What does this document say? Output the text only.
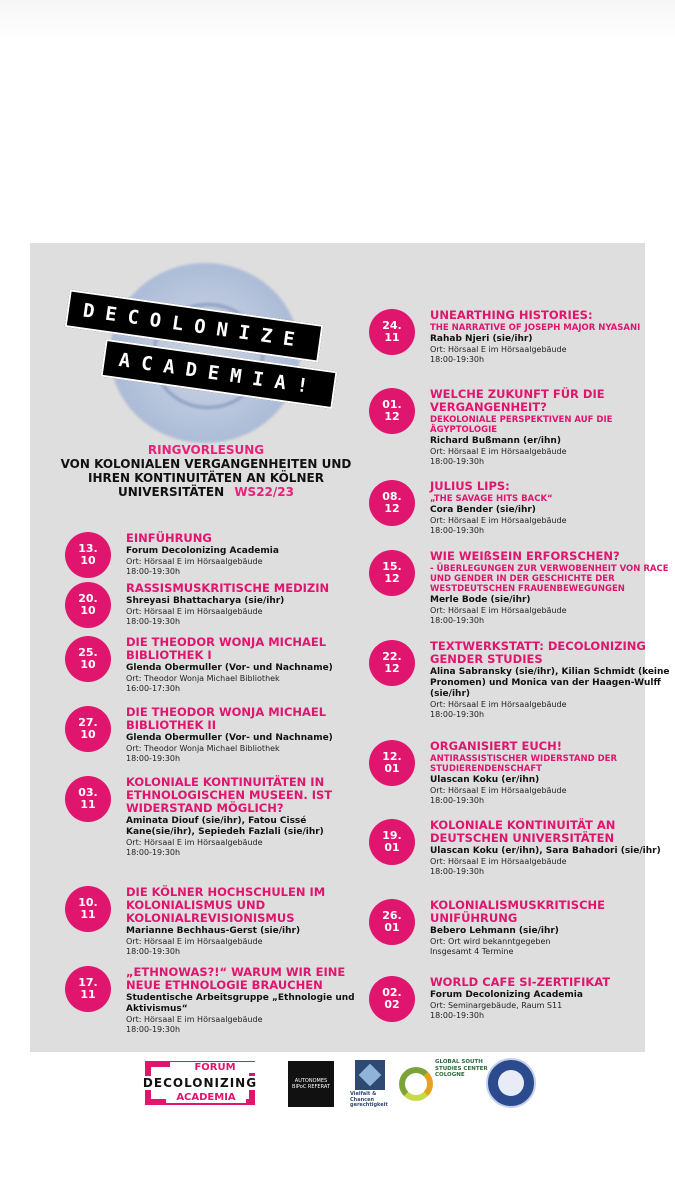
DECOLONIZE
ACADEMIA!
RINGVORLESUNG
VON KOLONIALEN VERGANGENHEITEN UND IHREN KONTINUITÄTEN AN KÖLNER UNIVERSITÄTEN WS22/23
13.
10
EINFÜHRUNG
Forum Decolonizing Academia
Ort: Hörsaal E im Hörsaalgebäude
18:00-19:30h
20.
10
RASSISMUSKRITISCHE MEDIZIN
Shreyasi Bhattacharya (sie/ihr)
Ort: Hörsaal E im Hörsaalgebäude
18:00-19:30h
25.
10
DIE THEODOR WONJA MICHAEL BIBLIOTHEK I
Glenda Obermuller (Vor- und Nachname)
Ort: Theodor Wonja Michael Bibliothek
16:00-17:30h
27.
10
DIE THEODOR WONJA MICHAEL BIBLIOTHEK II
Glenda Obermuller (Vor- und Nachname)
Ort: Theodor Wonja Michael Bibliothek
18:00-19:30h
03.
11
KOLONIALE KONTINUITÄTEN IN ETHNOLOGISCHEN MUSEEN. IST WIDERSTAND MÖGLICH?
Aminata Diouf (sie/ihr), Fatou Cissé Kane(sie/ihr), Sepiedeh Fazlali (sie/ihr)
Ort: Hörsaal E im Hörsaalgebäude
18:00-19:30h
10.
11
DIE KÖLNER HOCHSCHULEN IM KOLONIALISMUS UND KOLONIALREVISIONISMUS
Marianne Bechhaus-Gerst (sie/ihr)
Ort: Hörsaal E im Hörsaalgebäude
18:00-19:30h
17.
11
„ETHNOWAS?!“ WARUM WIR EINE NEUE ETHNOLOGIE BRAUCHEN
Studentische Arbeitsgruppe „Ethnologie und Aktivismus“
Ort: Hörsaal E im Hörsaalgebäude
18:00-19:30h
24.
11
UNEARTHING HISTORIES:
THE NARRATIVE OF JOSEPH MAJOR NYASANI
Rahab Njeri (sie/ihr)
Ort: Hörsaal E im Hörsaalgebäude
18:00-19:30h
01.
12
WELCHE ZUKUNFT FÜR DIE VERGANGENHEIT?
DEKOLONIALE PERSPEKTIVEN AUF DIE ÄGYPTOLOGIE
Richard Bußmann (er/ihn)
Ort: Hörsaal E im Hörsaalgebäude
18:00-19:30h
08.
12
JULIUS LIPS:
„THE SAVAGE HITS BACK“
Cora Bender (sie/ihr)
Ort: Hörsaal E im Hörsaalgebäude
18:00-19:30h
15.
12
WIE WEIßSEIN ERFORSCHEN?
- ÜBERLEGUNGEN ZUR VERWOBENHEIT VON RACE UND GENDER IN DER GESCHICHTE DER WESTDEUTSCHEN FRAUENBEWEGUNGEN
Merle Bode (sie/ihr)
Ort: Hörsaal E im Hörsaalgebäude
18:00-19:30h
22.
12
TEXTWERKSTATT: DECOLONIZING GENDER STUDIES
Alina Sabransky (sie/ihr), Kilian Schmidt (keine Pronomen) und Monica van der Haagen-Wulff (sie/ihr)
Ort: Hörsaal E im Hörsaalgebäude
18:00-19:30h
12.
01
ORGANISIERT EUCH!
ANTIRASSISTISCHER WIDERSTAND DER STUDIERENDENSCHAFT
Ulascan Koku (er/ihn)
Ort: Hörsaal E im Hörsaalgebäude
18:00-19:30h
19.
01
KOLONIALE KONTINUITÄT AN DEUTSCHEN UNIVERSITÄTEN
Ulascan Koku (er/ihn), Sara Bahadori (sie/ihr)
Ort: Hörsaal E im Hörsaalgebäude
18:00-19:30h
26.
01
KOLONIALISMUSKRITISCHE UNIFÜHRUNG
Bebero Lehmann (sie/ihr)
Ort: Ort wird bekanntgegeben
Insgesamt 4 Termine
02.
02
WORLD CAFE SI-ZERTIFIKAT
Forum Decolonizing Academia
Ort: Seminargebäude, Raum S11
18:00-19:30h
FORUM
DECOLONIZING
ACADEMIA
AUTONOMES BIPoC REFERAT
Vielfalt & Chancen gerechtigkeit
GLOBAL SOUTH STUDIES CENTER COLOGNE
